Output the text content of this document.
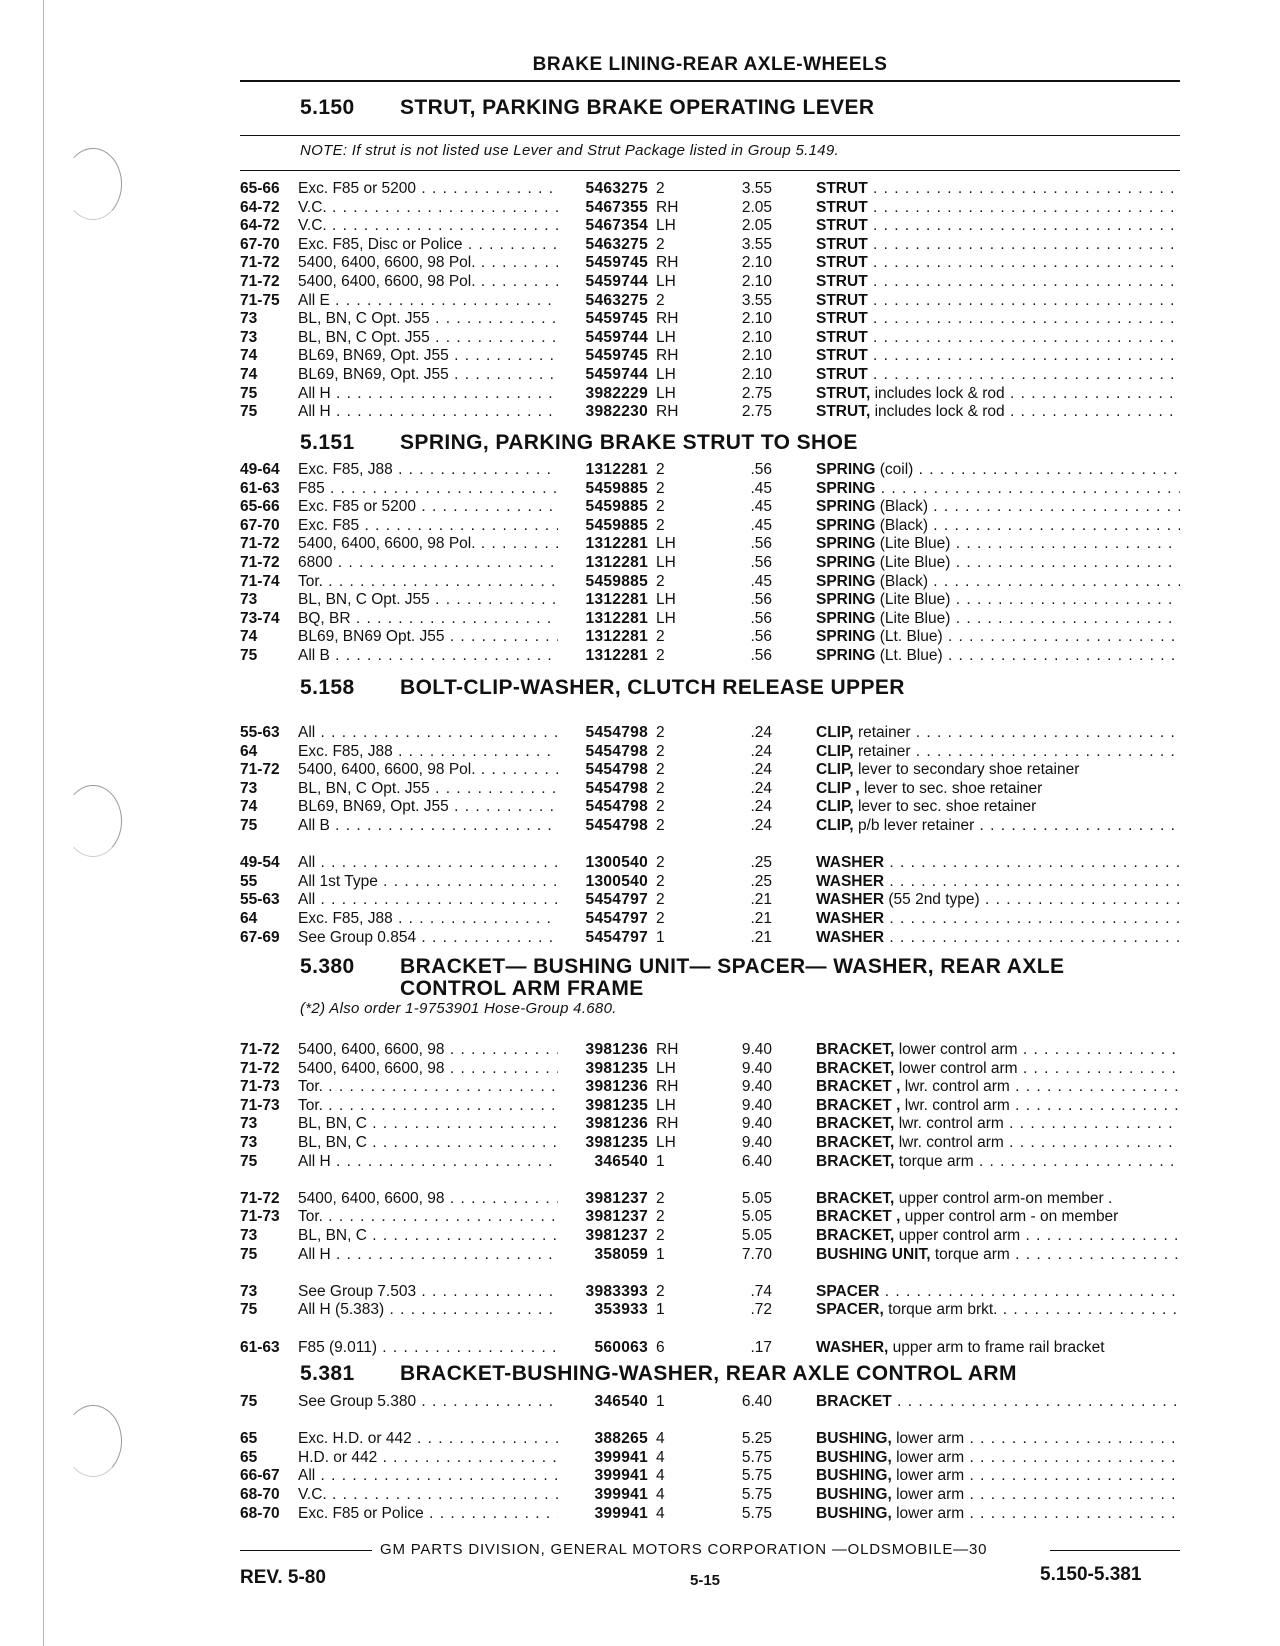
BRAKE LINING-REAR AXLE-WHEELS
5.150 STRUT, PARKING BRAKE OPERATING LEVER
NOTE: If strut is not listed use Lever and Strut Package listed in Group 5.149.
65-66	Exc. F85 or 5200 . . .	5463275 2	3.55	STRUT . . .
64-72	V.C. . . .	5467355 RH	2.05	STRUT . . .
64-72	V.C. . . .	5467354 LH	2.05	STRUT . . .
67-70	Exc. F85, Disc or Police . . .	5463275 2	3.55	STRUT . . .
71-72	5400, 6400, 6600, 98 Pol. . . .	5459745 RH	2.10	STRUT . . .
71-72	5400, 6400, 6600, 98 Pol. . . .	5459744 LH	2.10	STRUT . . .
71-75	All E . . .	5463275 2	3.55	STRUT . . .
73	BL, BN, C Opt. J55 . . .	5459745 RH	2.10	STRUT . . .
73	BL, BN, C Opt. J55 . . .	5459744 LH	2.10	STRUT . . .
74	BL69, BN69, Opt. J55 . . .	5459745 RH	2.10	STRUT . . .
74	BL69, BN69, Opt. J55 . . .	5459744 LH	2.10	STRUT . . .
75	All H . . .	3982229 LH	2.75	STRUT, includes lock & rod . . .
75	All H . . .	3982230 RH	2.75	STRUT, includes lock & rod . . .
5.151 SPRING, PARKING BRAKE STRUT TO SHOE
49-64	Exc. F85, J88 . . .	1312281 2	.56	SPRING (coil) . . .
61-63	F85 . . .	5459885 2	.45	SPRING . . .
65-66	Exc. F85 or 5200 . . .	5459885 2	.45	SPRING (Black) . . .
67-70	Exc. F85 . . .	5459885 2	.45	SPRING (Black) . . .
71-72	5400, 6400, 6600, 98 Pol. . . .	1312281 LH	.56	SPRING (Lite Blue) . . .
71-72	6800 . . .	1312281 LH	.56	SPRING (Lite Blue) . . .
71-74	Tor. . . .	5459885 2	.45	SPRING (Black) . . .
73	BL, BN, C Opt. J55 . . .	1312281 LH	.56	SPRING (Lite Blue) . . .
73-74	BQ, BR . . .	1312281 LH	.56	SPRING (Lite Blue) . . .
74	BL69, BN69 Opt. J55 . . .	1312281 2	.56	SPRING (Lt. Blue) . . .
75	All B . . .	1312281 2	.56	SPRING (Lt. Blue) . . .
5.158 BOLT-CLIP-WASHER, CLUTCH RELEASE UPPER
55-63	All . . .	5454798 2	.24	CLIP, retainer . . .
64	Exc. F85, J88 . . .	5454798 2	.24	CLIP, retainer . . .
71-72	5400, 6400, 6600, 98 Pol. . . .	5454798 2	.24	CLIP, lever to secondary shoe retainer
73	BL, BN, C Opt. J55 . . .	5454798 2	.24	CLIP , lever to sec. shoe retainer
74	BL69, BN69, Opt. J55 . . .	5454798 2	.24	CLIP, lever to sec. shoe retainer
75	All B . . .	5454798 2	.24	CLIP, p/b lever retainer . . .
49-54	All . . .	1300540 2	.25	WASHER . . .
55	All 1st Type . . .	1300540 2	.25	WASHER . . .
55-63	All . . .	5454797 2	.21	WASHER (55 2nd type) . . .
64	Exc. F85, J88 . . .	5454797 2	.21	WASHER . . .
67-69	See Group 0.854 . . .	5454797 1	.21	WASHER . . .
5.380 BRACKET— BUSHING UNIT— SPACER— WASHER, REAR AXLE
CONTROL ARM FRAME
(*2) Also order 1-9753901 Hose-Group 4.680.
71-72	5400, 6400, 6600, 98 . . .	3981236 RH	9.40	BRACKET, lower control arm . . .
71-72	5400, 6400, 6600, 98 . . .	3981235 LH	9.40	BRACKET, lower control arm . . .
71-73	Tor. . . .	3981236 RH	9.40	BRACKET , lwr. control arm . . .
71-73	Tor. . . .	3981235 LH	9.40	BRACKET , lwr. control arm . . .
73	BL, BN, C . . .	3981236 RH	9.40	BRACKET, lwr. control arm . . .
73	BL, BN, C . . .	3981235 LH	9.40	BRACKET, lwr. control arm . . .
75	All H . . .	346540 1	6.40	BRACKET, torque arm . . .
71-72	5400, 6400, 6600, 98 . . .	3981237 2	5.05	BRACKET, upper control arm-on member .
71-73	Tor. . . .	3981237 2	5.05	BRACKET , upper control arm - on member
73	BL, BN, C . . .	3981237 2	5.05	BRACKET, upper control arm . . .
75	All H . . .	358059 1	7.70	BUSHING UNIT, torque arm . . .
73	See Group 7.503 . . .	3983393 2	.74	SPACER . . .
75	All H (5.383) . . .	353933 1	.72	SPACER, torque arm brkt. . . .
61-63	F85 (9.011) . . .	560063 6	.17	WASHER, upper arm to frame rail bracket
5.381 BRACKET-BUSHING-WASHER, REAR AXLE CONTROL ARM
75	See Group 5.380 . . .	346540 1	6.40	BRACKET . . .
65	Exc. H.D. or 442 . . .	388265 4	5.25	BUSHING, lower arm . . .
65	H.D. or 442 . . .	399941 4	5.75	BUSHING, lower arm . . .
66-67	All . . .	399941 4	5.75	BUSHING, lower arm . . .
68-70	V.C. . . .	399941 4	5.75	BUSHING, lower arm . . .
68-70	Exc. F85 or Police . . .	399941 4	5.75	BUSHING, lower arm . . .
GM PARTS DIVISION, GENERAL MOTORS CORPORATION —OLDSMOBILE—30
REV. 5-80	5-15	5.150-5.381
